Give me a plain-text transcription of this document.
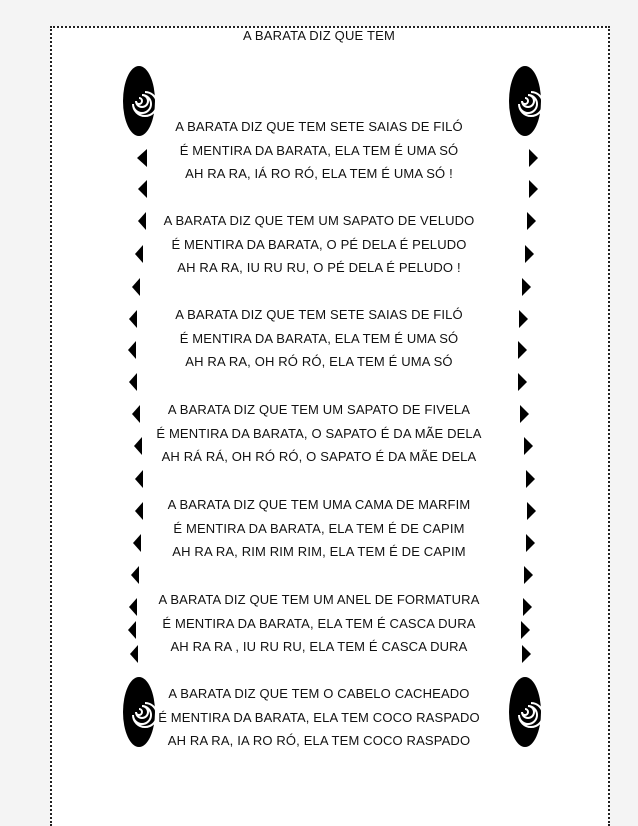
A BARATA DIZ QUE TEM
A BARATA DIZ QUE TEM SETE SAIAS DE FILÓ
É MENTIRA DA BARATA, ELA TEM É UMA SÓ
AH RA RA, IÁ RO RÓ, ELA TEM É UMA SÓ !
A BARATA DIZ QUE TEM UM SAPATO DE VELUDO
É MENTIRA DA BARATA, O PÉ DELA É PELUDO
AH RA RA, IU RU RU, O PÉ DELA É PELUDO !
A BARATA DIZ QUE TEM SETE SAIAS DE FILÓ
É MENTIRA DA BARATA, ELA TEM É UMA SÓ
AH RA RA, OH RÓ RÓ, ELA TEM É UMA SÓ
A BARATA DIZ QUE TEM UM SAPATO DE FIVELA
É MENTIRA DA BARATA, O SAPATO É DA MÃE DELA
AH RÁ RÁ, OH RÓ RÓ, O SAPATO É DA MÃE DELA
A BARATA DIZ QUE TEM UMA CAMA DE MARFIM
É MENTIRA DA BARATA, ELA TEM É DE CAPIM
AH RA RA, RIM RIM RIM, ELA TEM É DE CAPIM
A BARATA DIZ QUE TEM UM ANEL DE FORMATURA
É MENTIRA DA BARATA, ELA TEM É CASCA DURA
AH RA RA , IU RU RU, ELA TEM É CASCA DURA
A BARATA DIZ QUE TEM O CABELO CACHEADO
É MENTIRA DA BARATA, ELA TEM COCO RASPADO
AH RA RA, IA RO RÓ, ELA TEM COCO RASPADO
